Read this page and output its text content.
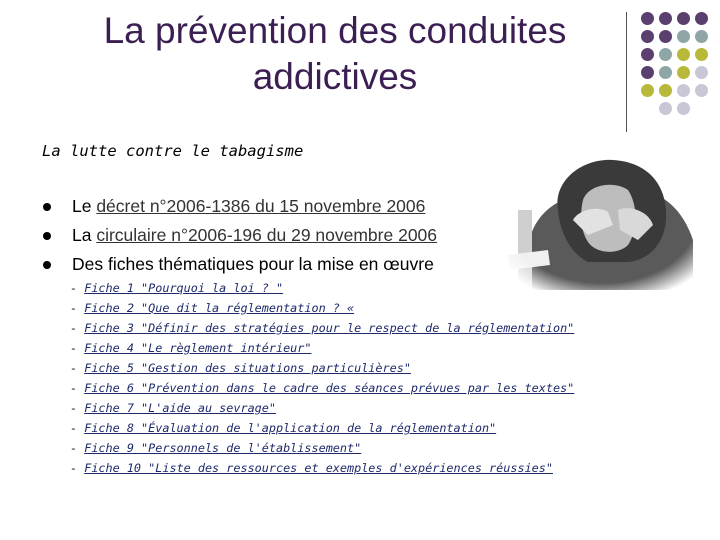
La prévention des conduites
addictives
La lutte contre le tabagisme
Le décret n°2006-1386 du 15 novembre 2006
La circulaire n°2006-196 du 29 novembre 2006
Des fiches thématiques pour la mise en œuvre
- Fiche 1 "Pourquoi la loi ? "
- Fiche 2 "Que dit la réglementation ? «
- Fiche 3 "Définir des stratégies pour le respect de la réglementation"
- Fiche 4 "Le règlement intérieur"
- Fiche 5 "Gestion des situations particulières"
- Fiche 6 "Prévention dans le cadre des séances prévues par les textes"
- Fiche 7 "L'aide au sevrage"
- Fiche 8 "Évaluation de l'application de la réglementation"
- Fiche 9 "Personnels de l'établissement"
- Fiche 10 "Liste des ressources et exemples d'expériences réussies"
